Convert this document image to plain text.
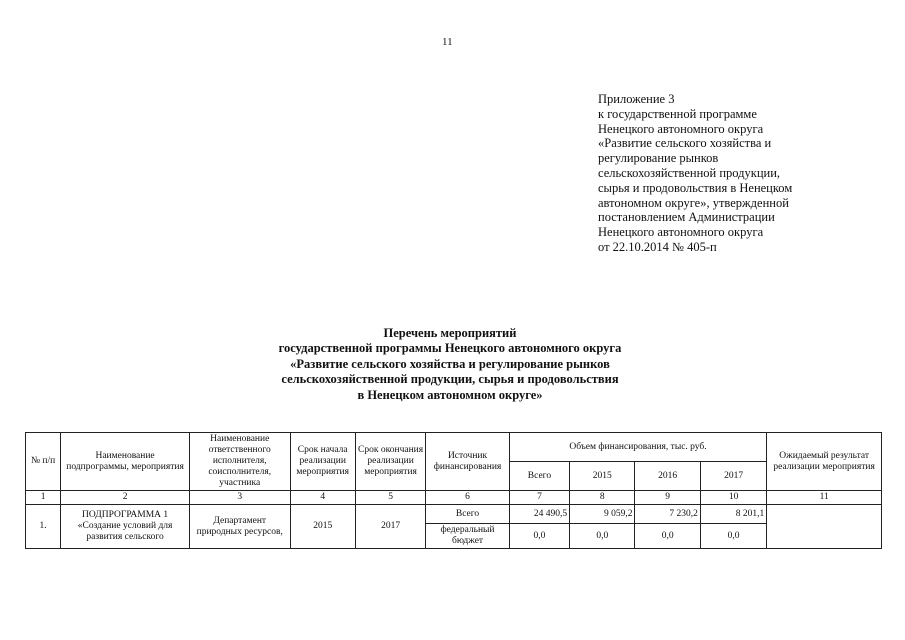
11
Приложение 3
к государственной программе
Ненецкого автономного округа
«Развитие сельского хозяйства и
регулирование рынков
сельскохозяйственной продукции,
сырья и продовольствия в Ненецком
автономном округе», утвержденной
постановлением Администрации
Ненецкого автономного округа
от 22.10.2014 № 405-п
Перечень мероприятий
государственной программы Ненецкого автономного округа
«Развитие сельского хозяйства и регулирование рынков
сельскохозяйственной продукции, сырья и продовольствия
в Ненецком автономном округе»
№ п/п	Наименование подпрограммы, мероприятия	Наименование ответственного исполнителя, соисполнителя, участника	Срок начала реализации мероприятия	Срок окончания реализации мероприятия	Источник финансирования	Объем финансирования, тыс. руб.				Ожидаемый результат реализации мероприятия
						Всего	2015	2016	2017	
1	2	3	4	5	6	7	8	9	10	11
1.	ПОДПРОГРАММА 1 «Создание условий для развития сельского	Департамент природных ресурсов,	2015	2017	Всего	24 490,5	9 059,2	7 230,2	8 201,1	
					федеральный бюджет	0,0	0,0	0,0	0,0	
